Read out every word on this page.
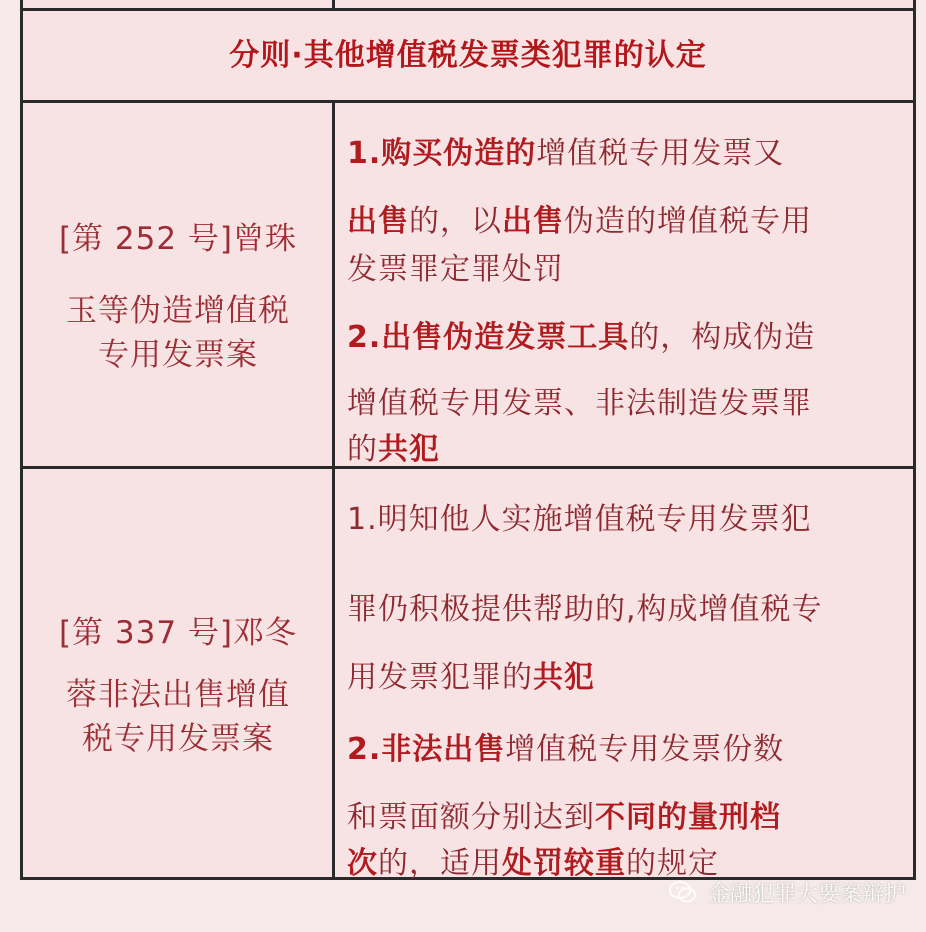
分则·其他增值税发票类犯罪的认定
[第 252 号]曾珠
玉等伪造增值税
专用发票案
1.购买伪造的增值税专用发票又
出售的，以出售伪造的增值税专用
发票罪定罪处罚
2.出售伪造发票工具的，构成伪造
增值税专用发票、非法制造发票罪
的共犯
[第 337 号]邓冬
蓉非法出售增值
税专用发票案
1.明知他人实施增值税专用发票犯
罪仍积极提供帮助的,构成增值税专
用发票犯罪的共犯
2.非法出售增值税专用发票份数
和票面额分别达到不同的量刑档
次的，适用处罚较重的规定
金融犯罪大要案辩护
